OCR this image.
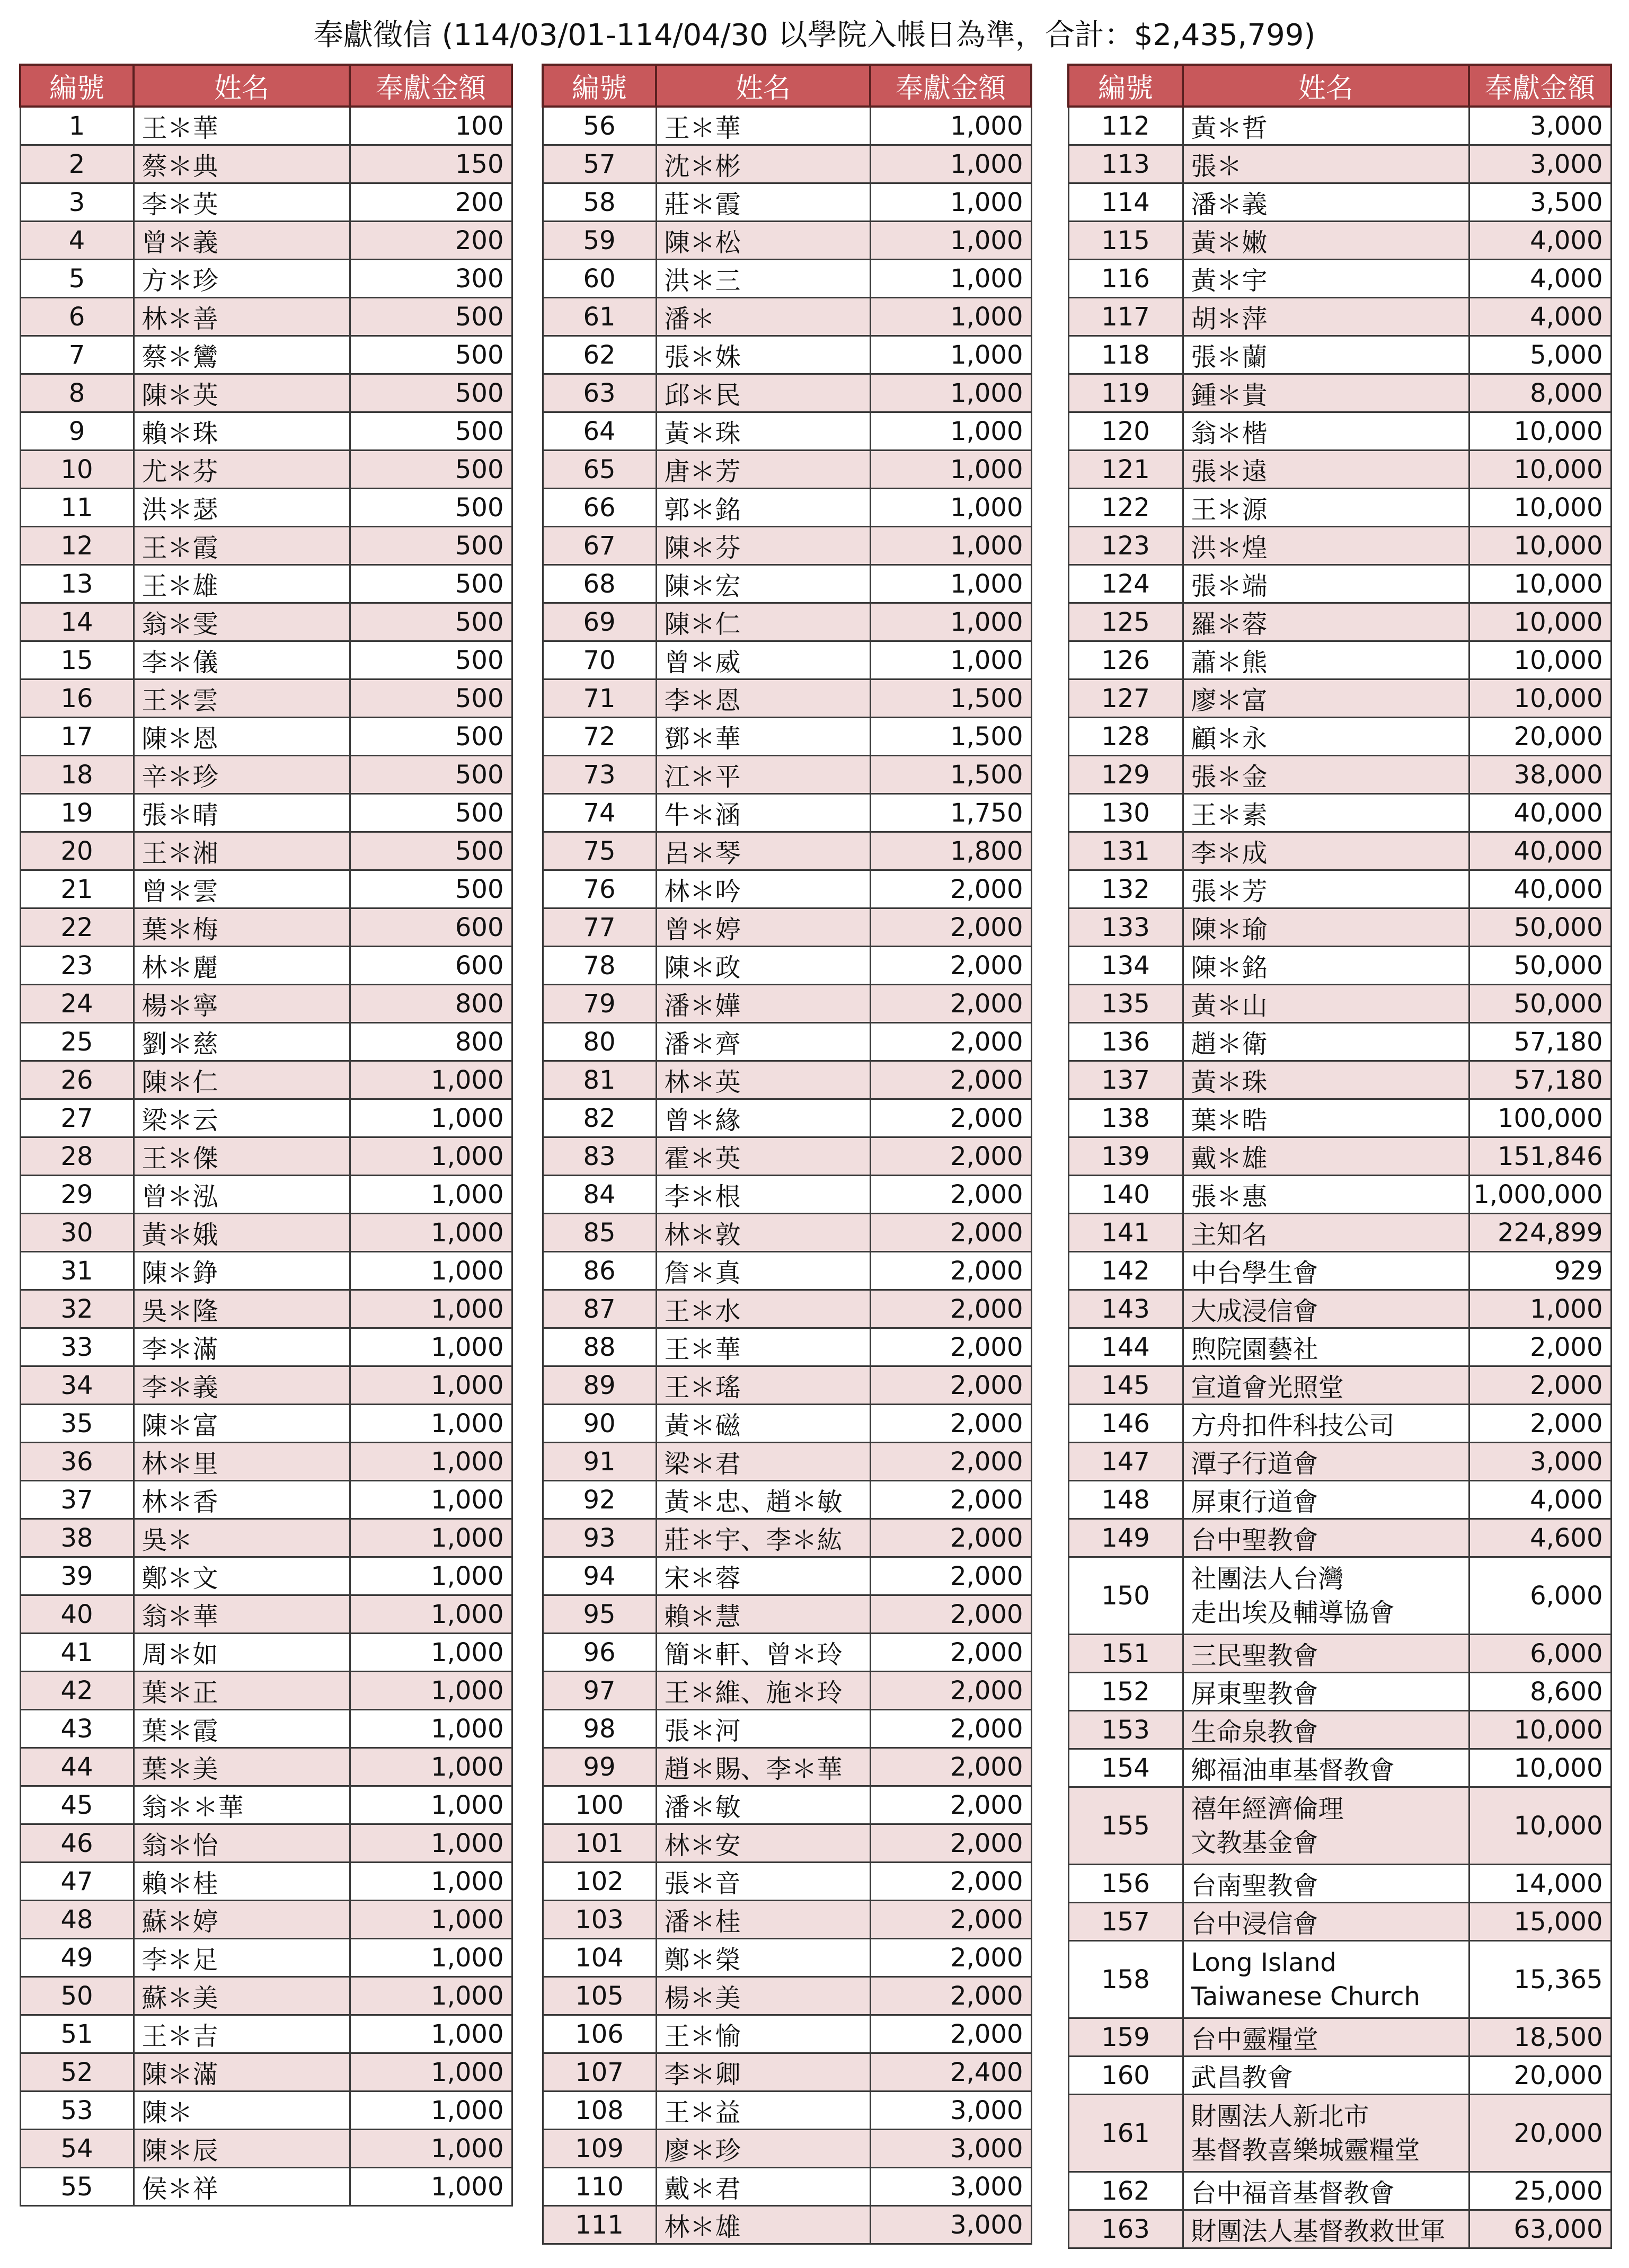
奉獻徵信 (114/03/01-114/04/30 以學院入帳日為準，合計：$2,435,799)
編號	姓名	奉獻金額
1	王＊華	100
2	蔡＊典	150
3	李＊英	200
4	曾＊義	200
5	方＊珍	300
6	林＊善	500
7	蔡＊鸞	500
8	陳＊英	500
9	賴＊珠	500
10	尤＊芬	500
11	洪＊瑟	500
12	王＊霞	500
13	王＊雄	500
14	翁＊雯	500
15	李＊儀	500
16	王＊雲	500
17	陳＊恩	500
18	辛＊珍	500
19	張＊晴	500
20	王＊湘	500
21	曾＊雲	500
22	葉＊梅	600
23	林＊麗	600
24	楊＊寧	800
25	劉＊慈	800
26	陳＊仁	1,000
27	梁＊云	1,000
28	王＊傑	1,000
29	曾＊泓	1,000
30	黃＊娥	1,000
31	陳＊錚	1,000
32	吳＊隆	1,000
33	李＊滿	1,000
34	李＊義	1,000
35	陳＊富	1,000
36	林＊里	1,000
37	林＊香	1,000
38	吳＊	1,000
39	鄭＊文	1,000
40	翁＊華	1,000
41	周＊如	1,000
42	葉＊正	1,000
43	葉＊霞	1,000
44	葉＊美	1,000
45	翁＊＊華	1,000
46	翁＊怡	1,000
47	賴＊桂	1,000
48	蘇＊婷	1,000
49	李＊足	1,000
50	蘇＊美	1,000
51	王＊吉	1,000
52	陳＊滿	1,000
53	陳＊	1,000
54	陳＊辰	1,000
55	侯＊祥	1,000
編號	姓名	奉獻金額
56	王＊華	1,000
57	沈＊彬	1,000
58	莊＊霞	1,000
59	陳＊松	1,000
60	洪＊三	1,000
61	潘＊	1,000
62	張＊姝	1,000
63	邱＊民	1,000
64	黃＊珠	1,000
65	唐＊芳	1,000
66	郭＊銘	1,000
67	陳＊芬	1,000
68	陳＊宏	1,000
69	陳＊仁	1,000
70	曾＊威	1,000
71	李＊恩	1,500
72	鄧＊華	1,500
73	江＊平	1,500
74	牛＊涵	1,750
75	呂＊琴	1,800
76	林＊吟	2,000
77	曾＊婷	2,000
78	陳＊政	2,000
79	潘＊嬅	2,000
80	潘＊齊	2,000
81	林＊英	2,000
82	曾＊緣	2,000
83	霍＊英	2,000
84	李＊根	2,000
85	林＊敦	2,000
86	詹＊真	2,000
87	王＊水	2,000
88	王＊華	2,000
89	王＊瑤	2,000
90	黃＊磁	2,000
91	梁＊君	2,000
92	黃＊忠、趙＊敏	2,000
93	莊＊宇、李＊紘	2,000
94	宋＊蓉	2,000
95	賴＊慧	2,000
96	簡＊軒、曾＊玲	2,000
97	王＊維、施＊玲	2,000
98	張＊河	2,000
99	趙＊賜、李＊華	2,000
100	潘＊敏	2,000
101	林＊安	2,000
102	張＊音	2,000
103	潘＊桂	2,000
104	鄭＊榮	2,000
105	楊＊美	2,000
106	王＊愉	2,000
107	李＊卿	2,400
108	王＊益	3,000
109	廖＊珍	3,000
110	戴＊君	3,000
111	林＊雄	3,000
編號	姓名	奉獻金額
112	黃＊哲	3,000
113	張＊	3,000
114	潘＊義	3,500
115	黃＊嫩	4,000
116	黃＊宇	4,000
117	胡＊萍	4,000
118	張＊蘭	5,000
119	鍾＊貴	8,000
120	翁＊楷	10,000
121	張＊遠	10,000
122	王＊源	10,000
123	洪＊煌	10,000
124	張＊端	10,000
125	羅＊蓉	10,000
126	蕭＊熊	10,000
127	廖＊富	10,000
128	顧＊永	20,000
129	張＊金	38,000
130	王＊素	40,000
131	李＊成	40,000
132	張＊芳	40,000
133	陳＊瑜	50,000
134	陳＊銘	50,000
135	黃＊山	50,000
136	趙＊衛	57,180
137	黃＊珠	57,180
138	葉＊晧	100,000
139	戴＊雄	151,846
140	張＊惠	1,000,000
141	主知名	224,899
142	中台學生會	929
143	大成浸信會	1,000
144	煦院園藝社	2,000
145	宣道會光照堂	2,000
146	方舟扣件科技公司	2,000
147	潭子行道會	3,000
148	屏東行道會	4,000
149	台中聖教會	4,600
150	社團法人台灣
走出埃及輔導協會	6,000
151	三民聖教會	6,000
152	屏東聖教會	8,600
153	生命泉教會	10,000
154	鄉福油車基督教會	10,000
155	禧年經濟倫理
文教基金會	10,000
156	台南聖教會	14,000
157	台中浸信會	15,000
158	Long Island
Taiwanese Church	15,365
159	台中靈糧堂	18,500
160	武昌教會	20,000
161	財團法人新北市
基督教喜樂城靈糧堂	20,000
162	台中福音基督教會	25,000
163	財團法人基督教救世軍	63,000
